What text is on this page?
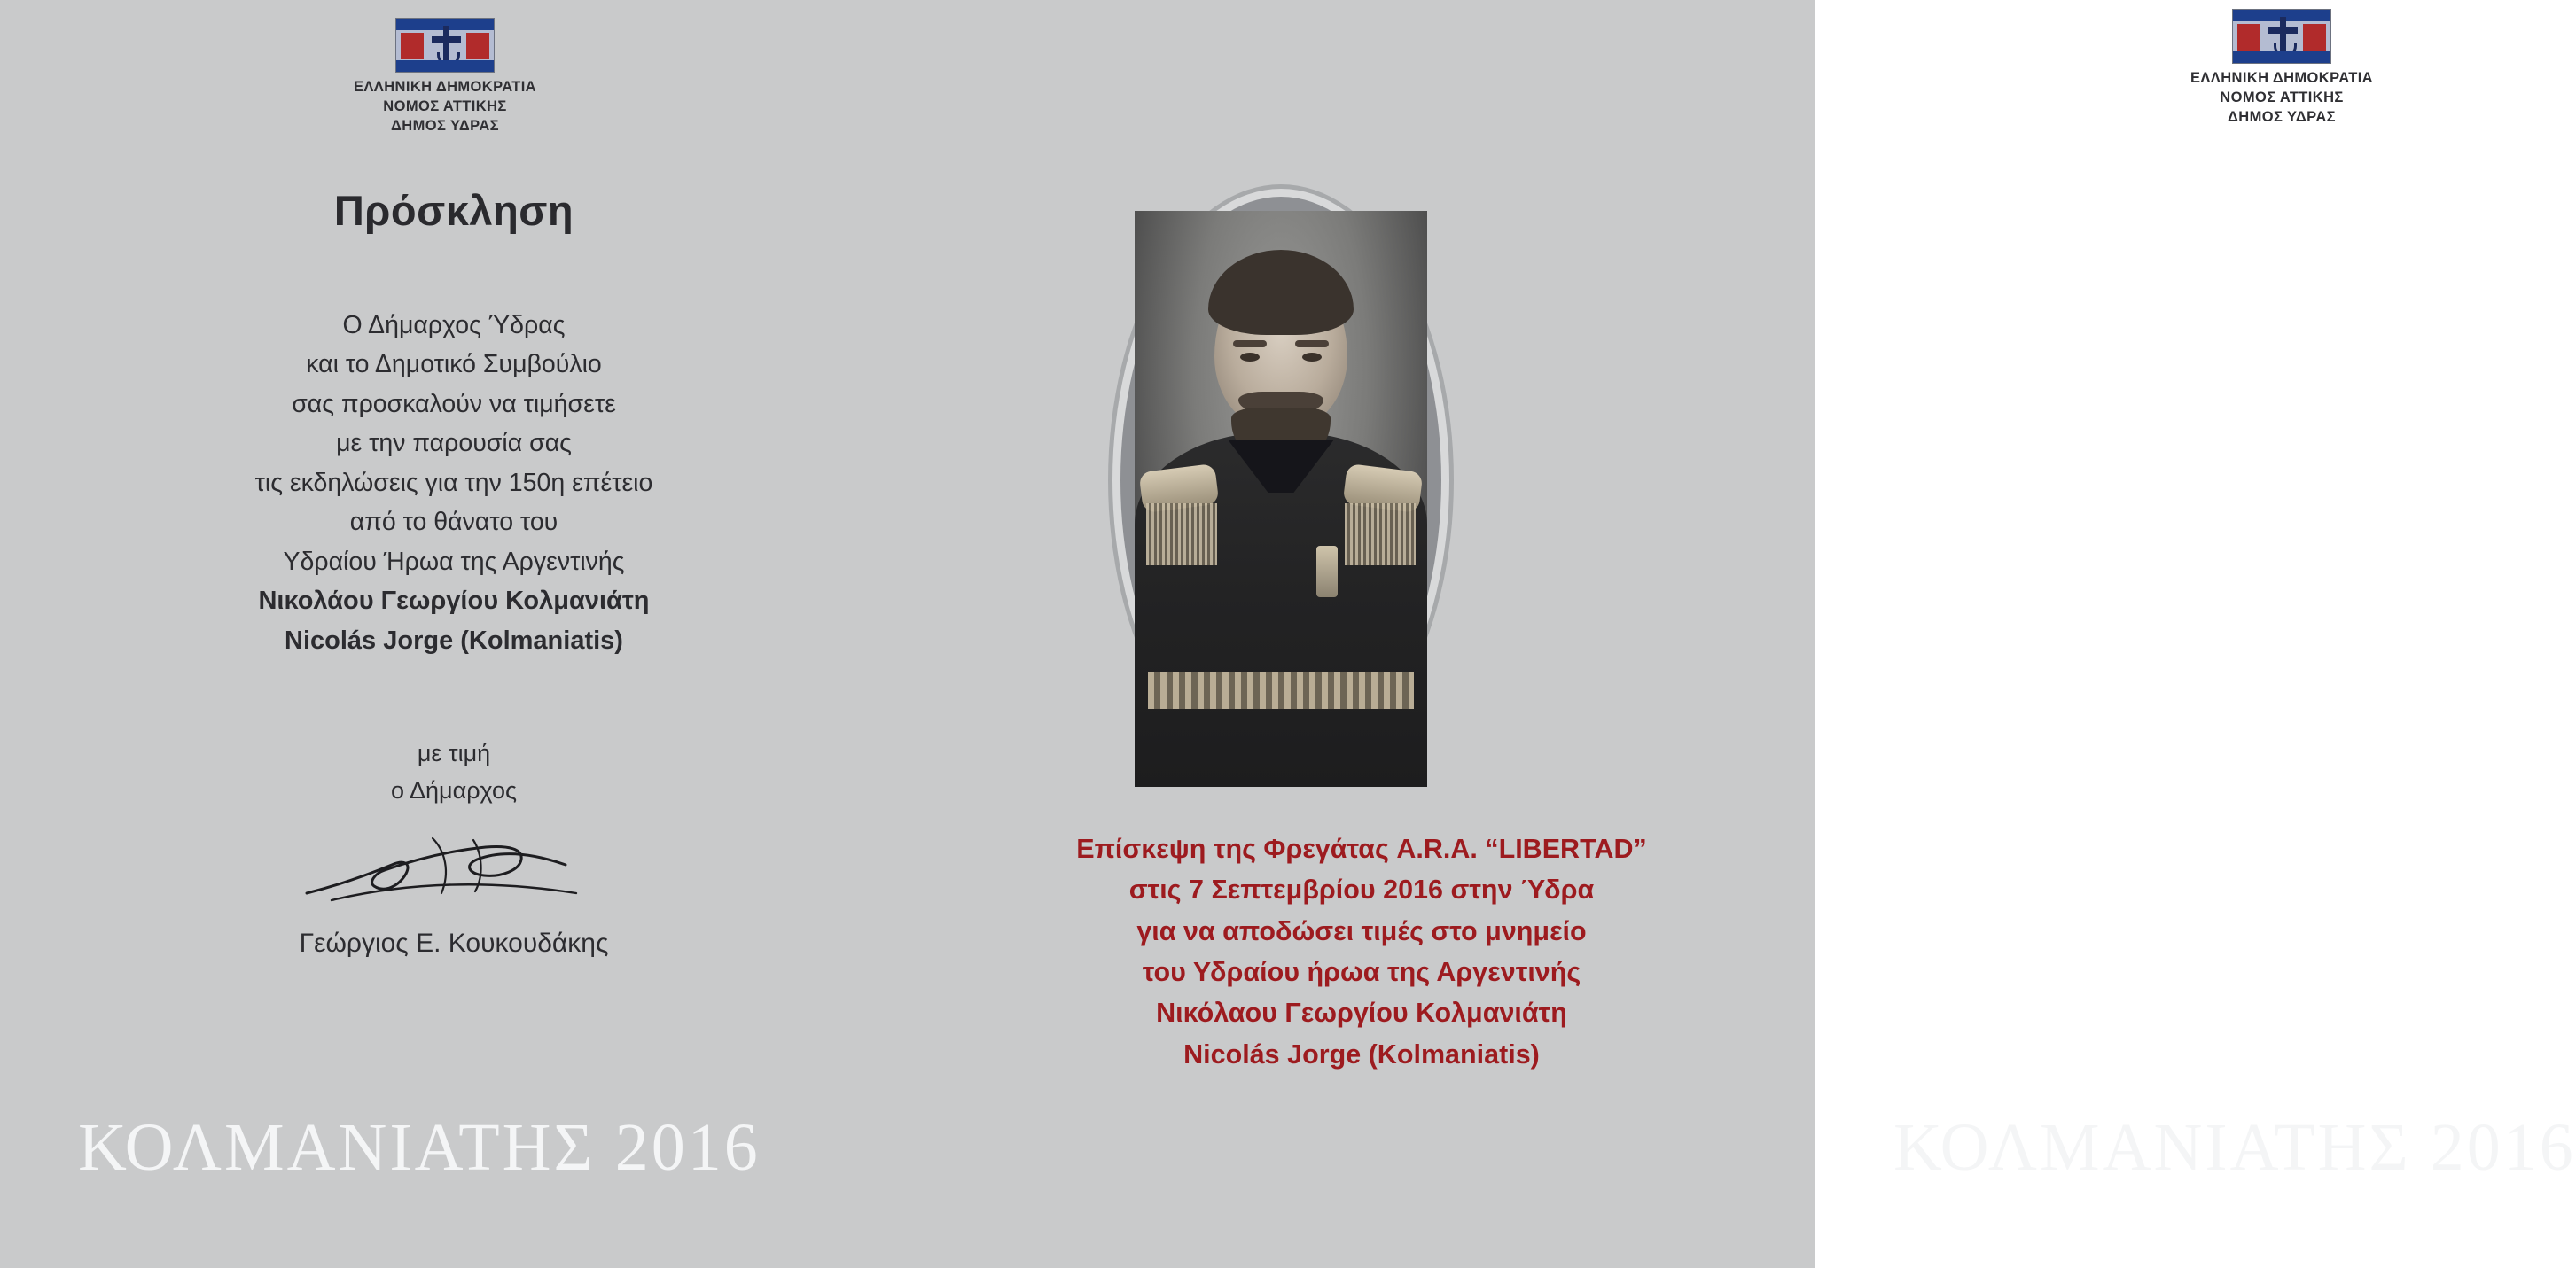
ΕΛΛΗΝΙΚΗ ΔΗΜΟΚΡΑΤΙΑ
ΝΟΜΟΣ ΑΤΤΙΚΗΣ
ΔΗΜΟΣ ΥΔΡΑΣ
Πρόσκληση
Ο Δήμαρχος Ύδρας
και το Δημοτικό Συμβούλιο
σας προσκαλούν να τιμήσετε
με την παρουσία σας
τις εκδηλώσεις για την 150η επέτειο
από το θάνατο του
Υδραίου Ήρωα της Αργεντινής
Νικολάου Γεωργίου Κολμανιάτη
Nicolás Jorge (Kolmaniatis)
με τιμή
ο Δήμαρχος
Γεώργιος Ε. Κουκουδάκης
ΚΟΛΜΑΝΙΑΤΗΣ 2016
ΕΛΛΗΝΙΚΗ ΔΗΜΟΚΡΑΤΙΑ
ΝΟΜΟΣ ΑΤΤΙΚΗΣ
ΔΗΜΟΣ ΥΔΡΑΣ
ΚΟΛΜΑΝΙΑΤΗΣ 2016
Επίσκεψη της Φρεγάτας A.R.A. “LIBERTAD”
στις 7 Σεπτεμβρίου 2016 στην Ύδρα
για να αποδώσει τιμές στο μνημείο
του Υδραίου ήρωα της Αργεντινής
Νικόλαου Γεωργίου Κολμανιάτη
Nicolás Jorge (Kolmaniatis)
